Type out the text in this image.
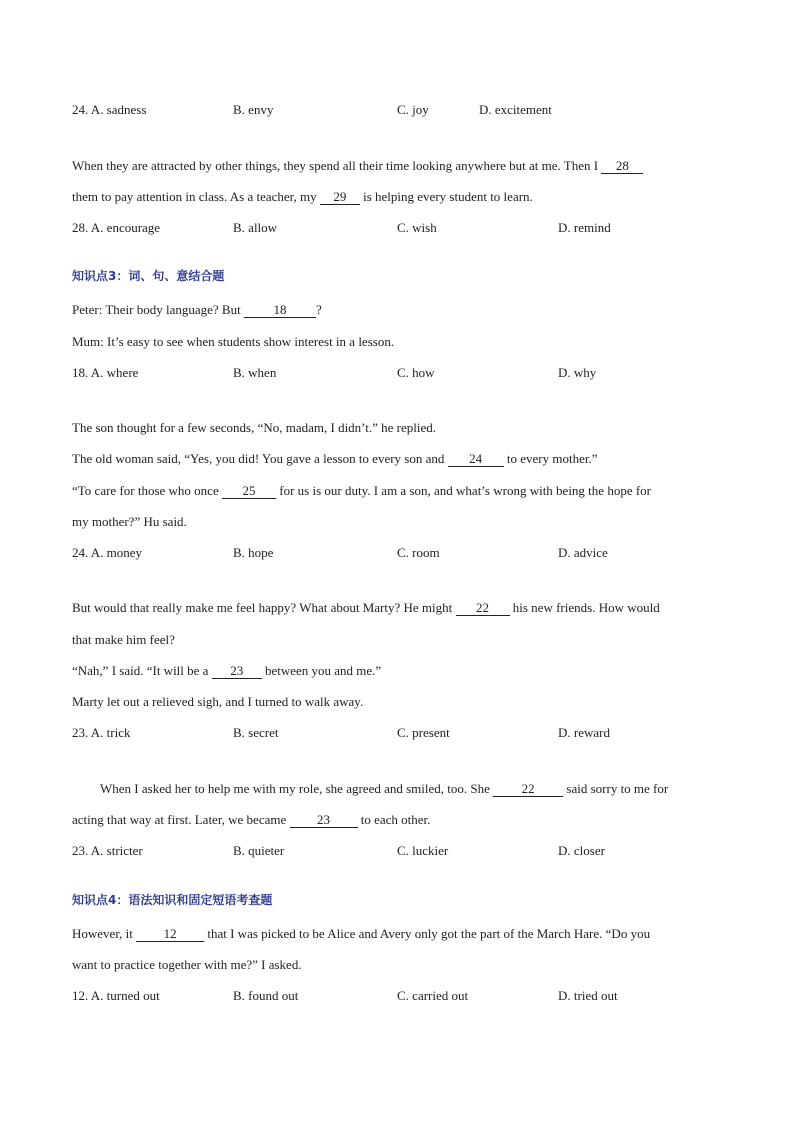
24. A. sadness	B. envy	C. joy	D. excitement
When they are attracted by other things, they spend all their time looking anywhere but at me. Then I 28
them to pay attention in class. As a teacher, my 29 is helping every student to learn.
28. A. encourage	B. allow	C. wish	D. remind
知识点3：词、句、意结合题
Peter: Their body language? But 18 ?
Mum: It’s easy to see when students show interest in a lesson.
18. A. where	B. when	C. how	D. why
The son thought for a few seconds, “No, madam, I didn’t.” he replied.
The old woman said, “Yes, you did! You gave a lesson to every son and 24 to every mother.”
“To care for those who once 25 for us is our duty. I am a son, and what’s wrong with being the hope for
my mother?” Hu said.
24. A. money	B. hope	C. room	D. advice
But would that really make me feel happy? What about Marty? He might 22 his new friends. How would
that make him feel?
“Nah,” I said. “It will be a 23 between you and me.”
Marty let out a relieved sigh, and I turned to walk away.
23. A. trick	B. secret	C. present	D. reward
When I asked her to help me with my role, she agreed and smiled, too. She 22 said sorry to me for
acting that way at first. Later, we became 23 to each other.
23. A. stricter	B. quieter	C. luckier	D. closer
知识点4：语法知识和固定短语考查题
However, it 12 that I was picked to be Alice and Avery only got the part of the March Hare. “Do you
want to practice together with me?” I asked.
12. A. turned out	B. found out	C. carried out	D. tried out
